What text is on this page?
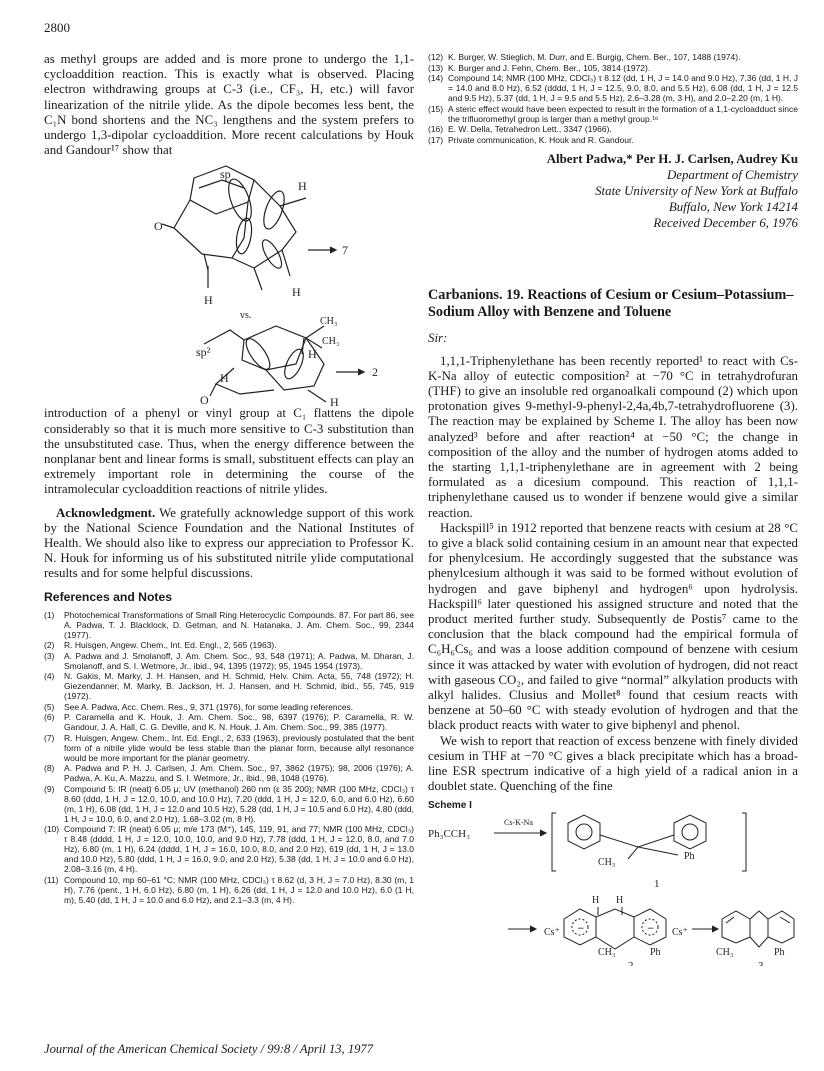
2800

as methyl groups are added and is more prone to undergo the 1,1-cycloaddition reaction. This is exactly what is observed. Placing electron withdrawing groups at C-3 (i.e., CF₃, H, etc.) will favor linearization of the nitrile ylide. As the dipole becomes less bent, the C₁N bond shortens and the NC₃ lengthens and the system prefers to undergo 1,3-dipolar cycloaddition. More recent calculations by Houk and Gandour¹⁷ show that

sp
H
O
H
H
7
vs.
CH₃
CH₃
sp²	H
H
O	H
2

introduction of a phenyl or vinyl group at C₁ flattens the dipole considerably so that it is much more sensitive to C-3 substitution than the unsubstituted case. Thus, when the energy difference between the nonplanar bent and linear forms is small, substituent effects can play an extremely important role in determining the course of the intramolecular cycloaddition reactions of nitrile ylides.

Acknowledgment. We gratefully acknowledge support of this work by the National Science Foundation and the National Institutes of Health. We should also like to express our appreciation to Professor K. N. Houk for informing us of his substituted nitrile ylide computational results and for some helpful discussions.

References and Notes
(1)	Photochemical Transformations of Small Ring Heterocyclic Compounds. 87. For part 86, see A. Padwa, T. J. Blacklock, D. Getman, and N. Hatanaka, J. Am. Chem. Soc., 99, 2344 (1977).
(2)	R. Huisgen, Angew. Chem., Int. Ed. Engl., 2, 565 (1963).
(3)	A. Padwa and J. Smolanoff, J. Am. Chem. Soc., 93, 548 (1971); A. Padwa, M. Dharan, J. Smolanoff, and S. I. Wetmore, Jr., ibid., 94, 1395 (1972); 95, 1945 1954 (1973).
(4)	N. Gakis, M. Marky, J. H. Hansen, and H. Schmid, Helv. Chim. Acta, 55, 748 (1972); H. Giezendanner, M. Marky, B. Jackson, H. J. Hansen, and H. Schmid, ibid., 55, 745, 919 (1972).
(5)	See A. Padwa, Acc. Chem. Res., 9, 371 (1976), for some leading references.
(6)	P. Caramella and K. Houk, J. Am. Chem. Soc., 98, 6397 (1976); P. Caramella, R. W. Gandour, J. A. Hall, C. G. Deville, and K. N. Houk, J. Am. Chem. Soc., 99, 385 (1977).
(7)	R. Huisgen, Angew. Chem., Int. Ed. Engl., 2, 633 (1963), previously postulated that the bent form of a nitrile ylide would be less stable than the planar form, because allyl resonance would be more important for the planar geometry.
(8)	A. Padwa and P. H. J. Carlsen, J. Am. Chem. Soc., 97, 3862 (1975); 98, 2006 (1976); A. Padwa, A. Ku, A. Mazzu, and S. I. Wetmore, Jr., ibid., 98, 1048 (1976).
(9)	Compound 5: IR (neat) 6.05 μ; UV (methanol) 260 nm (ε 35 200); NMR (100 MHz, CDCl₃) τ 8.60 (ddd, 1 H, J = 12.0, 10.0, and 10.0 Hz), 7.20 (ddd, 1 H, J = 12.0, 6.0, and 6.0 Hz), 6.60 (m, 1 H), 6.08 (dd, 1 H, J = 12.0 and 10.5 Hz), 5.28 (dd, 1 H, J = 10.5 and 6.0 Hz), 4.80 (ddd, 1 H, J = 10.0, 6.0, and 2.0 Hz), 1.68–3.02 (m, 8 H).
(10) Compound 7: IR (neat) 6.05 μ; m/e 173 (M⁺), 145, 119, 91, and 77; NMR (100 MHz, CDCl₃) τ 8.48 (dddd, 1 H, J = 12.0, 10.0, 10.0, and 9.0 Hz), 7.78 (ddd, 1 H, J = 12.0, 8.0, and 7.0 Hz), 6.80 (m, 1 H), 6.24 (dddd, 1 H, J = 16.0, 10.0, 8.0, and 2.0 Hz), 619 (dd, 1 H, J = 13.0 and 10.0 Hz), 5.80 (ddd, 1 H, J = 16.0, 9.0, and 2.0 Hz), 5.38 (dd, 1 H, J = 10.0 and 6.0 Hz), 2.08–3.16 (m, 4 H).
(11) Compound 10, mp 60–61 °C; NMR (100 MHz, CDCl₃) τ 8.62 (d, 3 H, J = 7.0 Hz), 8.30 (m, 1 H), 7.76 (pent., 1 H, 6.0 Hz), 6.80 (m, 1 H), 6.26 (dd, 1 H, J = 12.0 and 10.0 Hz), 6.0 (1 H, m), 5.40 (dd, 1 H, J = 10.0 and 6.0 Hz), and 2.1–3.3 (m, 4 H).
(12) K. Burger, W. Stieglich, M. Durr, and E. Burgig, Chem. Ber., 107, 1488 (1974).
(13) K. Burger and J. Fehn, Chem. Ber., 105, 3814 (1972).
(14) Compound 14; NMR (100 MHz, CDCl₃) τ 8.12 (dd, 1 H, J = 14.0 and 9.0 Hz), 7.36 (dd, 1 H, J = 14.0 and 8.0 Hz), 6.52 (dddd, 1 H, J = 12.5, 9.0, 8.0, and 5.5 Hz), 6.08 (dd, 1 H, J = 12.5 and 9.5 Hz), 5.37 (dd, 1 H, J = 9.5 and 5.5 Hz), 2.6–3.28 (m, 3 H), and 2.0–2.20 (m, 1 H).
(15) A steric effect would have been expected to result in the formation of a 1,1-cycloadduct since the trifluoromethyl group is larger than a methyl group.¹⁶
(16) E. W. Della, Tetrahedron Lett., 3347 (1966).
(17) Private communication, K. Houk and R. Gandour.
Albert Padwa,* Per H. J. Carlsen, Audrey Ku
Department of Chemistry
State University of New York at Buffalo
Buffalo, New York 14214
Received December 6, 1976
Carbanions. 19. Reactions of Cesium or Cesium–Potassium–Sodium Alloy with Benzene and Toluene
Sir:

1,1,1-Triphenylethane has been recently reported¹ to react with Cs-K-Na alloy of eutectic composition² at −70 °C in tetrahydrofuran (THF) to give an insoluble red organoalkali compound (2) which upon protonation gives 9-methyl-9-phenyl-2,4a,4b,7-tetrahydrofluorene (3). The reaction may be explained by Scheme I. The alloy has been now analyzed³ before and after reaction⁴ at −50 °C; the change in composition of the alloy and the number of hydrogen atoms added to the starting 1,1,1-triphenylethane are in agreement with 2 being formulated as a dicesium compound. This reaction of 1,1,1-triphenylethane caused us to wonder if benzene would give a similar reaction.

Hackspill⁵ in 1912 reported that benzene reacts with cesium at 28 °C to give a black solid containing cesium in an amount near that expected for phenylcesium. He accordingly suggested that the substance was phenylcesium although it was said to be formed without evolution of hydrogen and gave biphenyl and hydrogen⁶ upon hydrolysis. Hackspill⁶ later questioned his assigned structure and noted that the product merited further study. Subsequently de Postis⁷ came to the conclusion that the black compound had the empirical formula of C₆H₆Cs₆ and was a loose addition compound of benzene with cesium since it was attacked by water with evolution of hydrogen, did not react with gaseous CO₂, and failed to give “normal” alkylation products with alkyl halides. Clusius and Mollet⁸ found that cesium reacts with benzene at 50–60 °C with steady evolution of hydrogen and that the black product reacts with water to give biphenyl and phenol.

We wish to report that reaction of excess benzene with finely divided cesium in THF at −70 °C gives a black precipitate which has a broad-line ESR spectrum indicative of a high yield of a radical anion in a doublet state. Quenching of the fine

Scheme I
Ph₃CCH₃
Cs-K-Na
CH₃
Ph
1
H H
Cs⁺	Cs⁺
CH₃	Ph
2
CH₃	Ph
3
−	−
Journal of the American Chemical Society / 99:8 / April 13, 1977
